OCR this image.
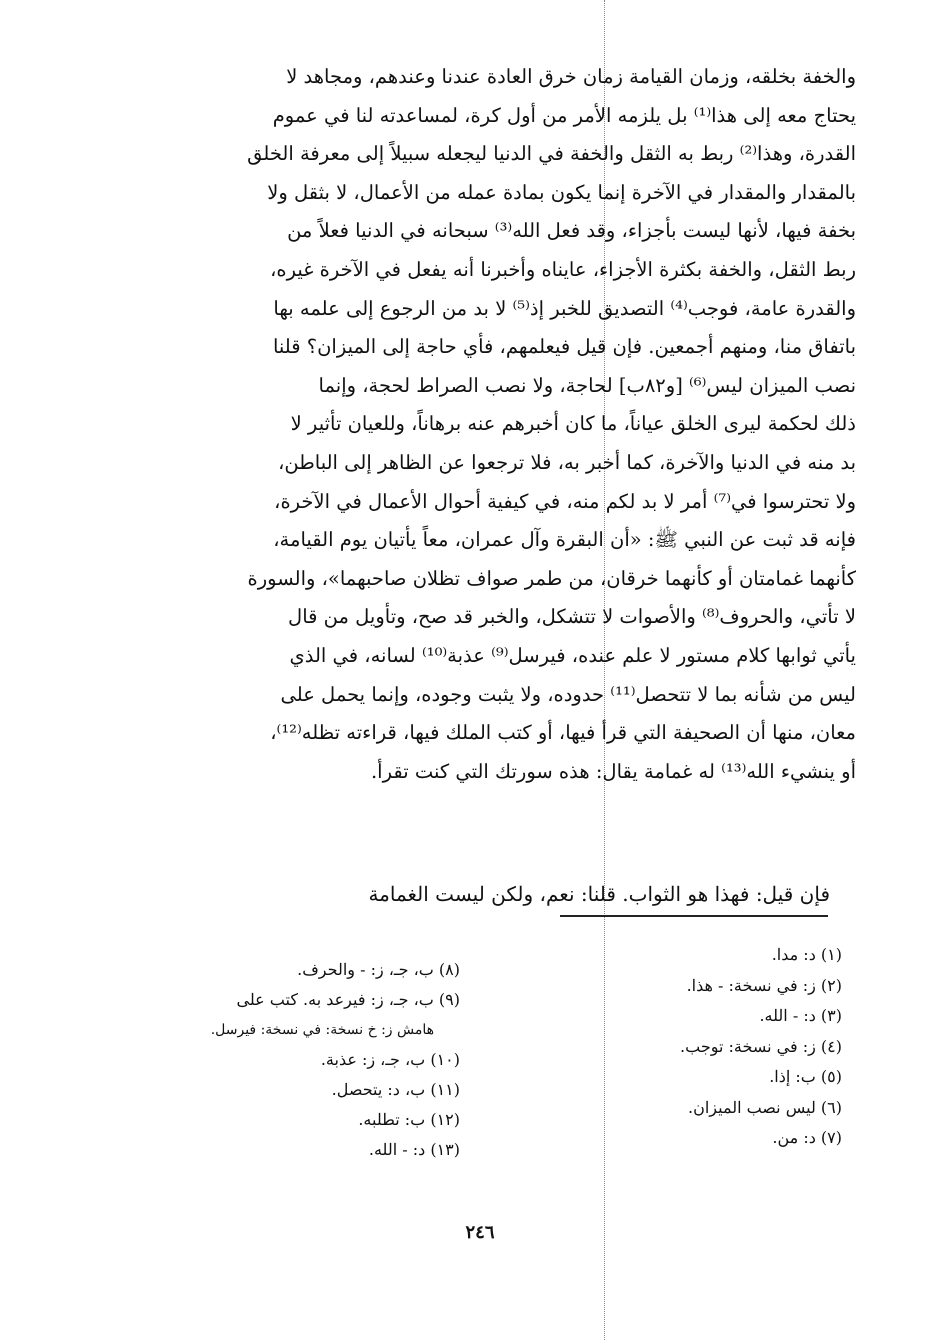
والخفة بخلقه، وزمان القيامة زمان خرق العادة عندنا وعندهم، ومجاهد لا
يحتاج معه إلى هذا⁽¹⁾ بل يلزمه الأمر من أول كرة، لمساعدته لنا في عموم
القدرة، وهذا⁽²⁾ ربط به الثقل والخفة في الدنيا ليجعله سبيلاً إلى معرفة الخلق
بالمقدار والمقدار في الآخرة إنما يكون بمادة عمله من الأعمال، لا بثقل ولا
بخفة فيها، لأنها ليست بأجزاء، وقد فعل الله⁽³⁾ سبحانه في الدنيا فعلاً من
ربط الثقل، والخفة بكثرة الأجزاء، عايناه وأخبرنا أنه يفعل في الآخرة غيره،
والقدرة عامة، فوجب⁽⁴⁾ التصديق للخبر إذ⁽⁵⁾ لا بد من الرجوع إلى علمه بها
باتفاق منا، ومنهم أجمعين. فإن قيل فيعلمهم، فأي حاجة إلى الميزان؟ قلنا
نصب الميزان ليس⁽⁶⁾ [و٨٢ب] لحاجة، ولا نصب الصراط لحجة، وإنما
ذلك لحكمة ليرى الخلق عياناً، ما كان أخبرهم عنه برهاناً، وللعيان تأثير لا
بد منه في الدنيا والآخرة، كما أخبر به، فلا ترجعوا عن الظاهر إلى الباطن،
ولا تحترسوا في⁽⁷⁾ أمر لا بد لكم منه، في كيفية أحوال الأعمال في الآخرة،
فإنه قد ثبت عن النبي ﷺ: «أن البقرة وآل عمران، معاً يأتيان يوم القيامة،
كأنهما غمامتان أو كأنهما خرقان، من طمر صواف تظلان صاحبهما»، والسورة
لا تأتي، والحروف⁽⁸⁾ والأصوات لا تتشكل، والخبر قد صح، وتأويل من قال
يأتي ثوابها كلام مستور لا علم عنده، فيرسل⁽⁹⁾ عذبة⁽¹⁰⁾ لسانه، في الذي
ليس من شأنه بما لا تتحصل⁽¹¹⁾ حدوده، ولا يثبت وجوده، وإنما يحمل على
معان، منها أن الصحيفة التي قرأ فيها، أو كتب الملك فيها، قراءته تظله⁽¹²⁾،
أو ينشيء الله⁽¹³⁾ له غمامة يقال: هذه سورتك التي كنت تقرأ.
فإن قيل: فهذا هو الثواب. قلنا: نعم، ولكن ليست الغمامة
(١) د: مدا.
(٢) ز: في نسخة: - هذا.
(٣) د: - الله.
(٤) ز: في نسخة: توجب.
(٥) ب: إذا.
(٦) ليس نصب الميزان.
(٧) د: من.
(٨) ب، جـ، ز: - والحرف.
(٩) ب، جـ، ز: فيرعد به. كتب على
هامش ز: خ نسخة: في نسخة: فيرسل.
(١٠) ب، جـ، ز: عذبة.
(١١) ب، د: يتحصل.
(١٢) ب: تطلبه.
(١٣) د: - الله.
٢٤٦
